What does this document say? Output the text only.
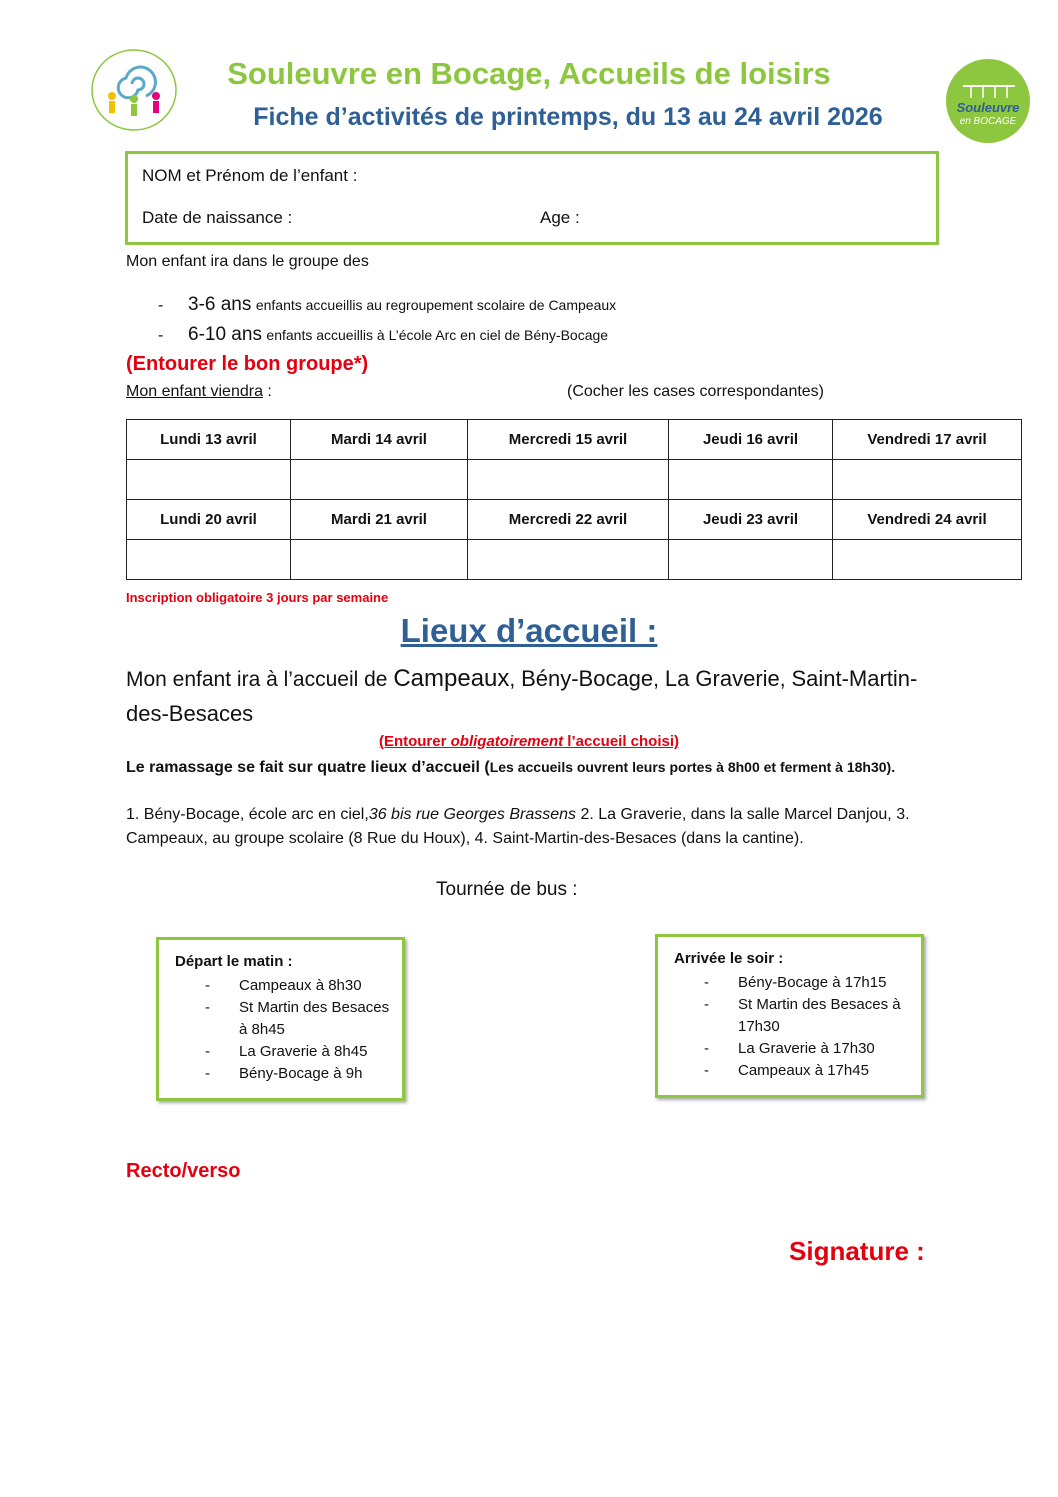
Souleuvre en Bocage, Accueils de loisirs
Fiche d’activités de printemps, du 13 au 24 avril 2026	Souleuvre
en BOCAGE
NOM et Prénom de l’enfant :
Date de naissance :	Age :
Mon enfant ira dans le groupe des
- 3-6 ans enfants accueillis au regroupement scolaire de Campeaux
- 6-10 ans enfants accueillis à L’école Arc en ciel de Bény-Bocage
(Entourer le bon groupe*)
Mon enfant viendra :	(Cocher les cases correspondantes)
Lundi 13 avril	Mardi 14 avril	Mercredi 15 avril	Jeudi 16 avril	Vendredi 17 avril

Lundi 20 avril	Mardi 21 avril	Mercredi 22 avril	Jeudi 23 avril	Vendredi 24 avril

Inscription obligatoire 3 jours par semaine
Lieux d’accueil :
Mon enfant ira à l’accueil de Campeaux, Bény-Bocage, La Graverie, Saint-Martin-des-Besaces
(Entourer obligatoirement l’accueil choisi)
Le ramassage se fait sur quatre lieux d’accueil (Les accueils ouvrent leurs portes à 8h00 et ferment à 18h30).
1. Bény-Bocage, école arc en ciel,36 bis rue Georges Brassens 2. La Graverie, dans la salle Marcel Danjou, 3. Campeaux, au groupe scolaire (8 Rue du Houx), 4. Saint-Martin-des-Besaces (dans la cantine).
Tournée de bus :
Départ le matin :
- Campeaux à 8h30
- St Martin des Besaces à 8h45
- La Graverie à 8h45
- Bény-Bocage à 9h
Arrivée le soir :
- Bény-Bocage à 17h15
- St Martin des Besaces à 17h30
- La Graverie à 17h30
- Campeaux à 17h45
Recto/verso
Signature :
